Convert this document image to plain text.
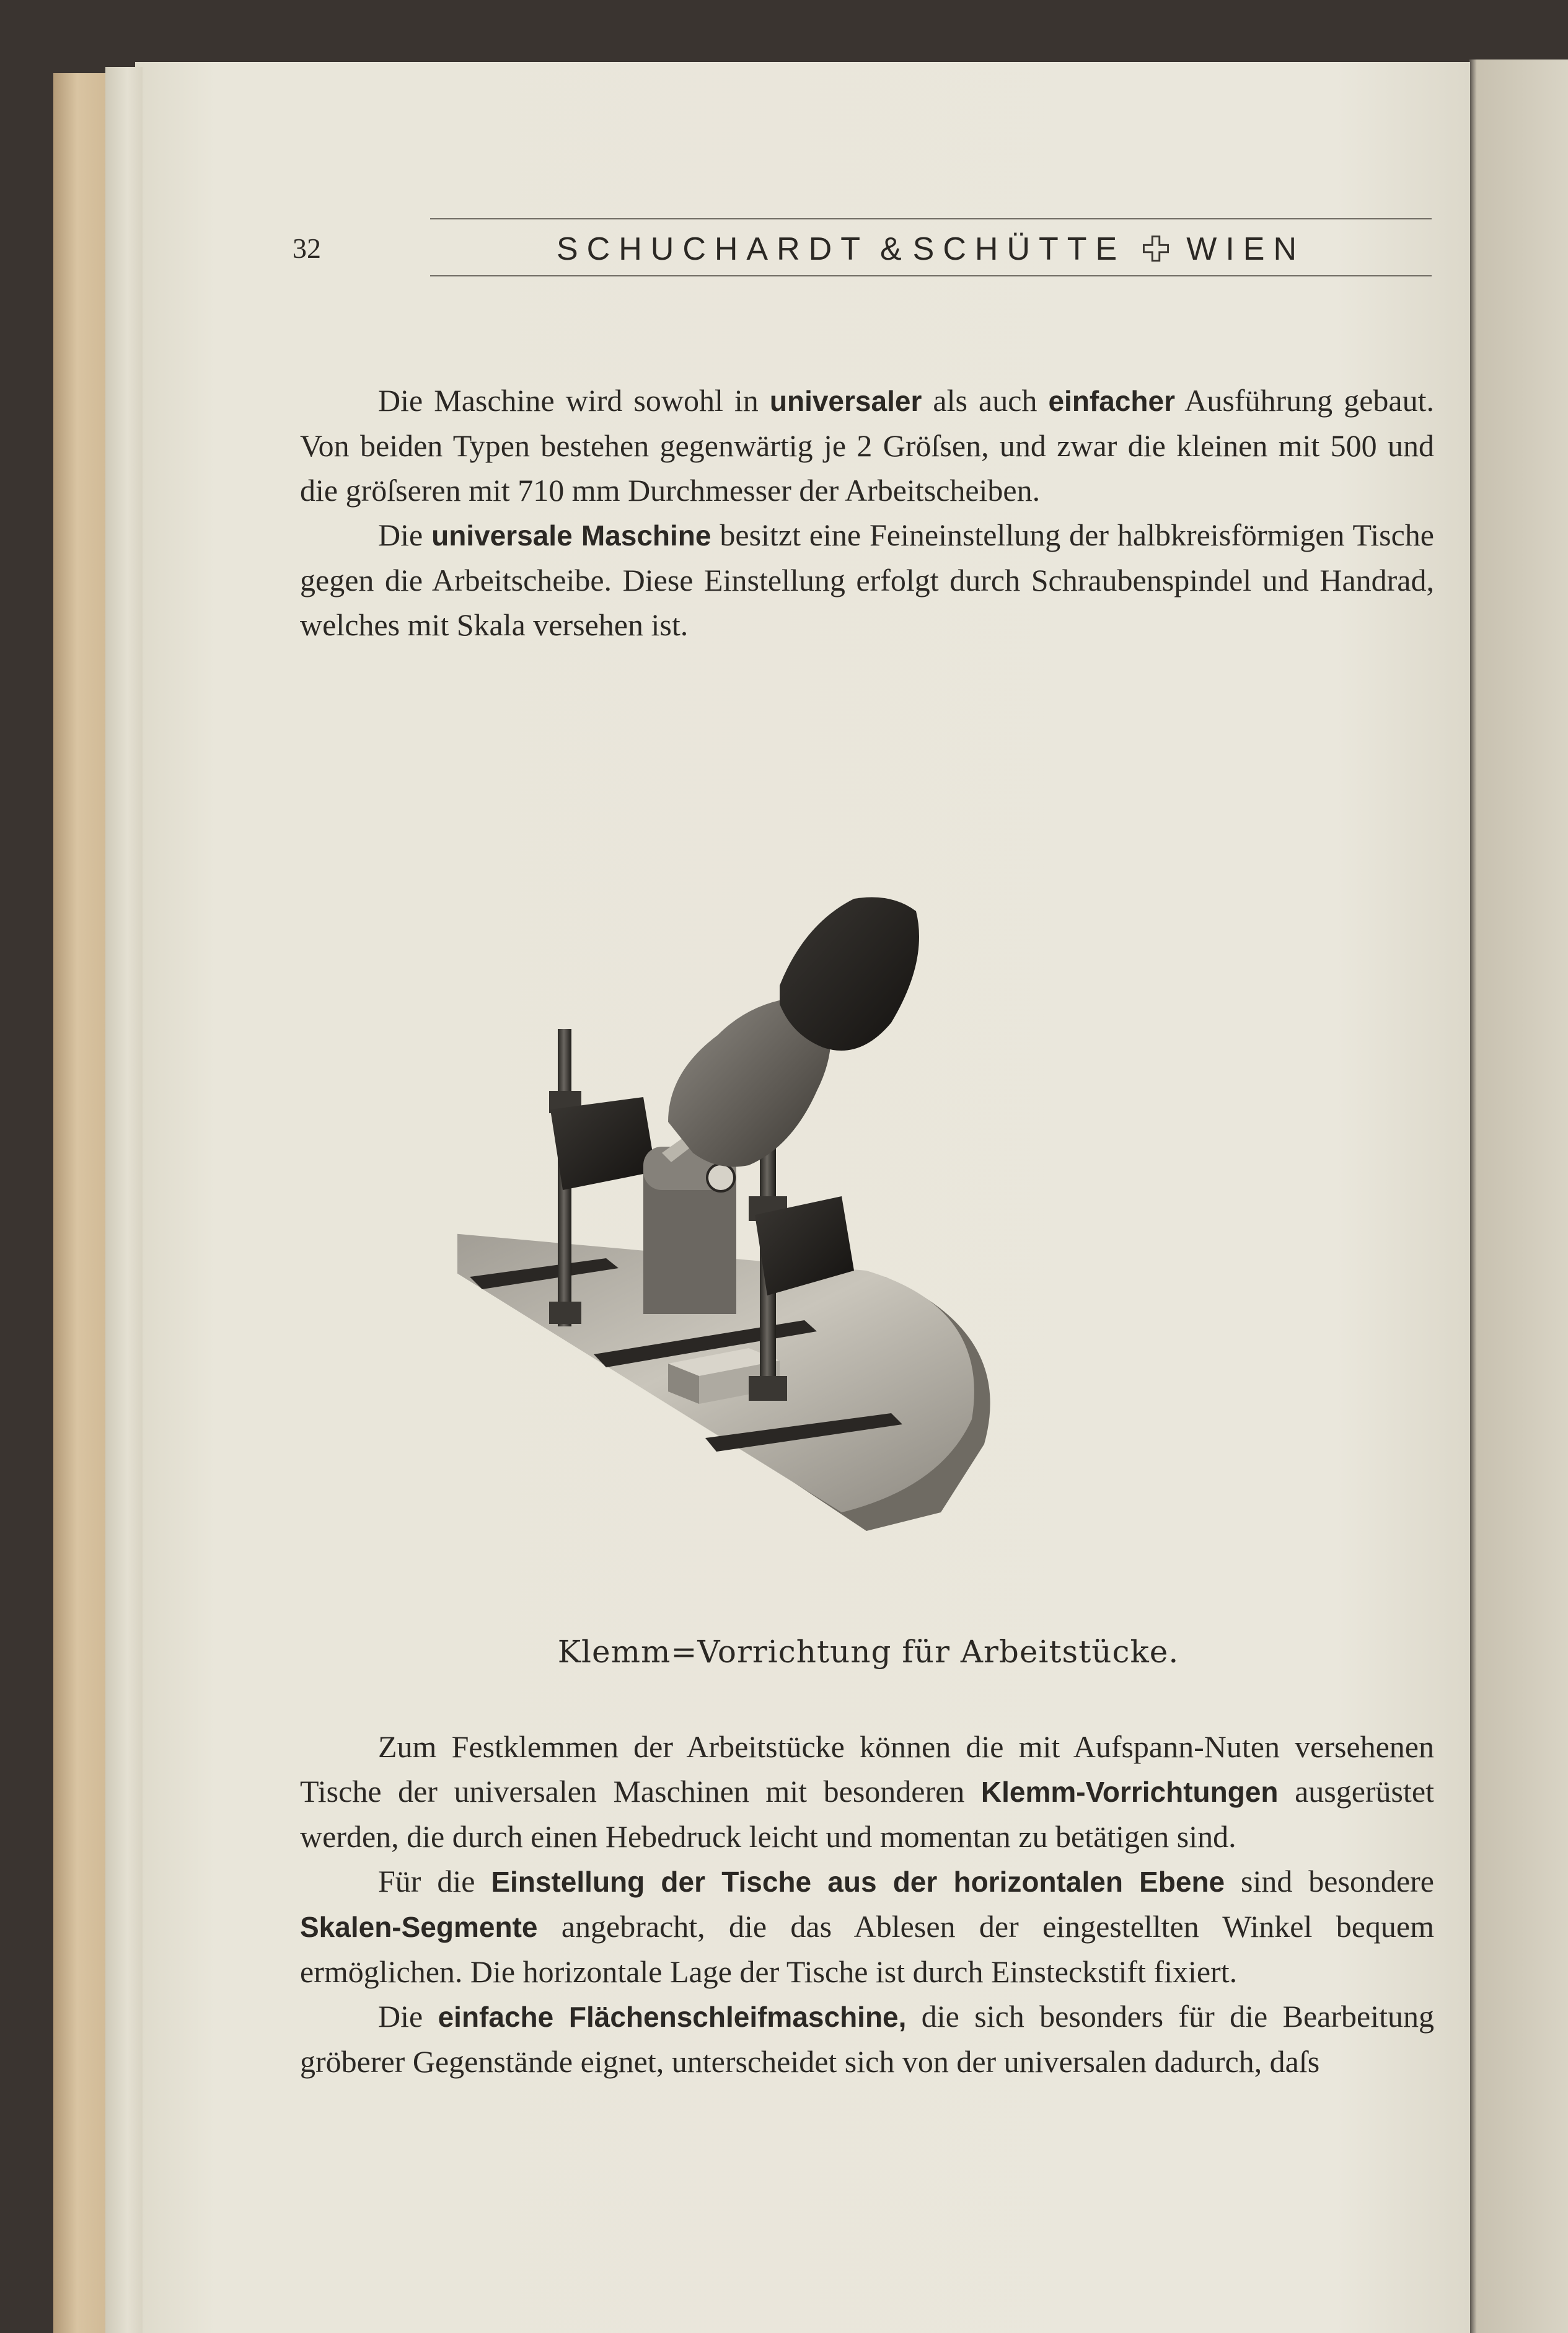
32	SCHUCHARDT & SCHÜTTE WIEN

Die Maschine wird sowohl in universaler als auch einfacher Ausführung gebaut. Von beiden Typen bestehen gegenwärtig je 2 Gröſsen, und zwar die kleinen mit 500 und die gröſseren mit 710 mm Durchmesser der Arbeitscheiben.

Die universale Maschine besitzt eine Feineinstellung der halbkreisförmigen Tische gegen die Arbeitscheibe. Diese Einstellung erfolgt durch Schraubenspindel und Handrad, welches mit Skala versehen ist.

Klemm=Vorrichtung für Arbeitstücke.

Zum Festklemmen der Arbeitstücke können die mit Aufspann-Nuten versehenen Tische der universalen Maschinen mit besonderen Klemm-Vorrichtungen ausgerüstet werden, die durch einen Hebedruck leicht und momentan zu betätigen sind.

Für die Einstellung der Tische aus der horizontalen Ebene sind besondere Skalen-Segmente angebracht, die das Ablesen der eingestellten Winkel bequem ermöglichen. Die horizontale Lage der Tische ist durch Einsteckstift fixiert.

Die einfache Flächenschleifmaschine, die sich besonders für die Bearbeitung gröberer Gegenstände eignet, unterscheidet sich von der universalen dadurch, daſs
